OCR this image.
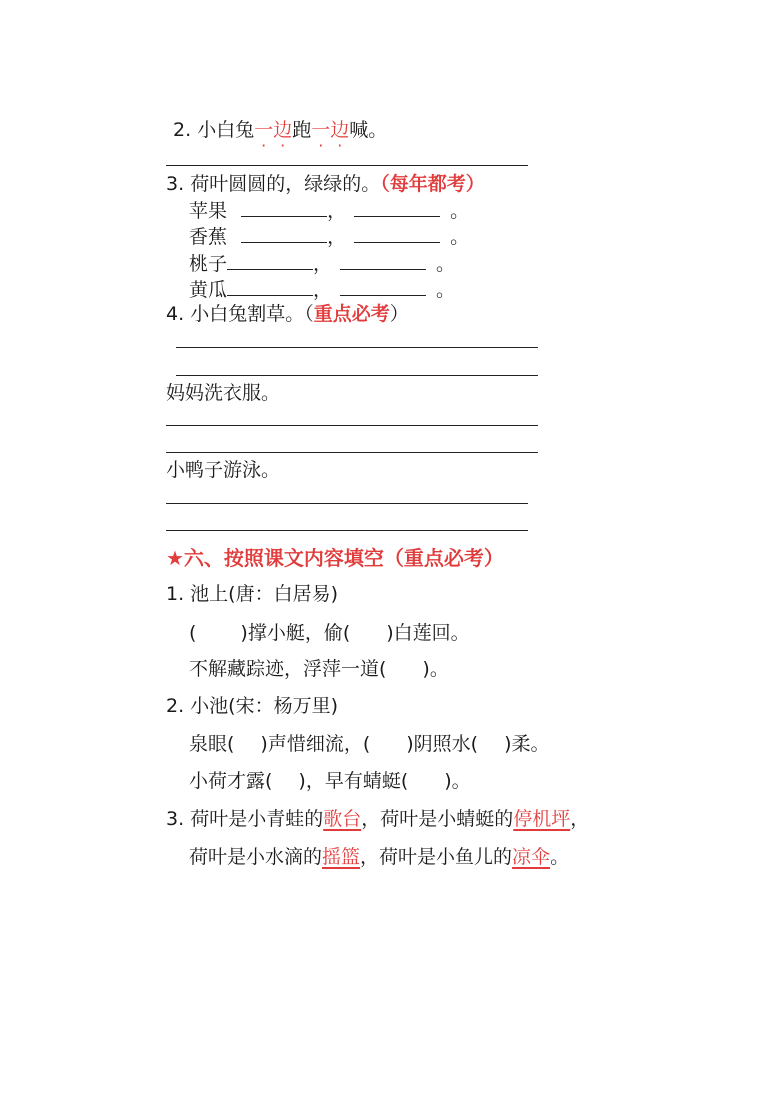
2. 小白兔一边跑一边喊。
3. 荷叶圆圆的，绿绿的。（每年都考）
苹果	，	。
香蕉	，	。
桃子	，	。
黄瓜	，	。
4. 小白兔割草。（重点必考）
妈妈洗衣服。
小鸭子游泳。
★六、按照课文内容填空（重点必考）
1. 池上(唐：白居易)
( )撑小艇，偷( )白莲回。
不解藏踪迹，浮萍一道( )。
2. 小池(宋：杨万里)
泉眼( )声惜细流，( )阴照水( )柔。
小荷才露( )，早有蜻蜓( )。
3. 荷叶是小青蛙的歌台，荷叶是小蜻蜓的停机坪，
荷叶是小水滴的摇篮，荷叶是小鱼儿的凉伞。
